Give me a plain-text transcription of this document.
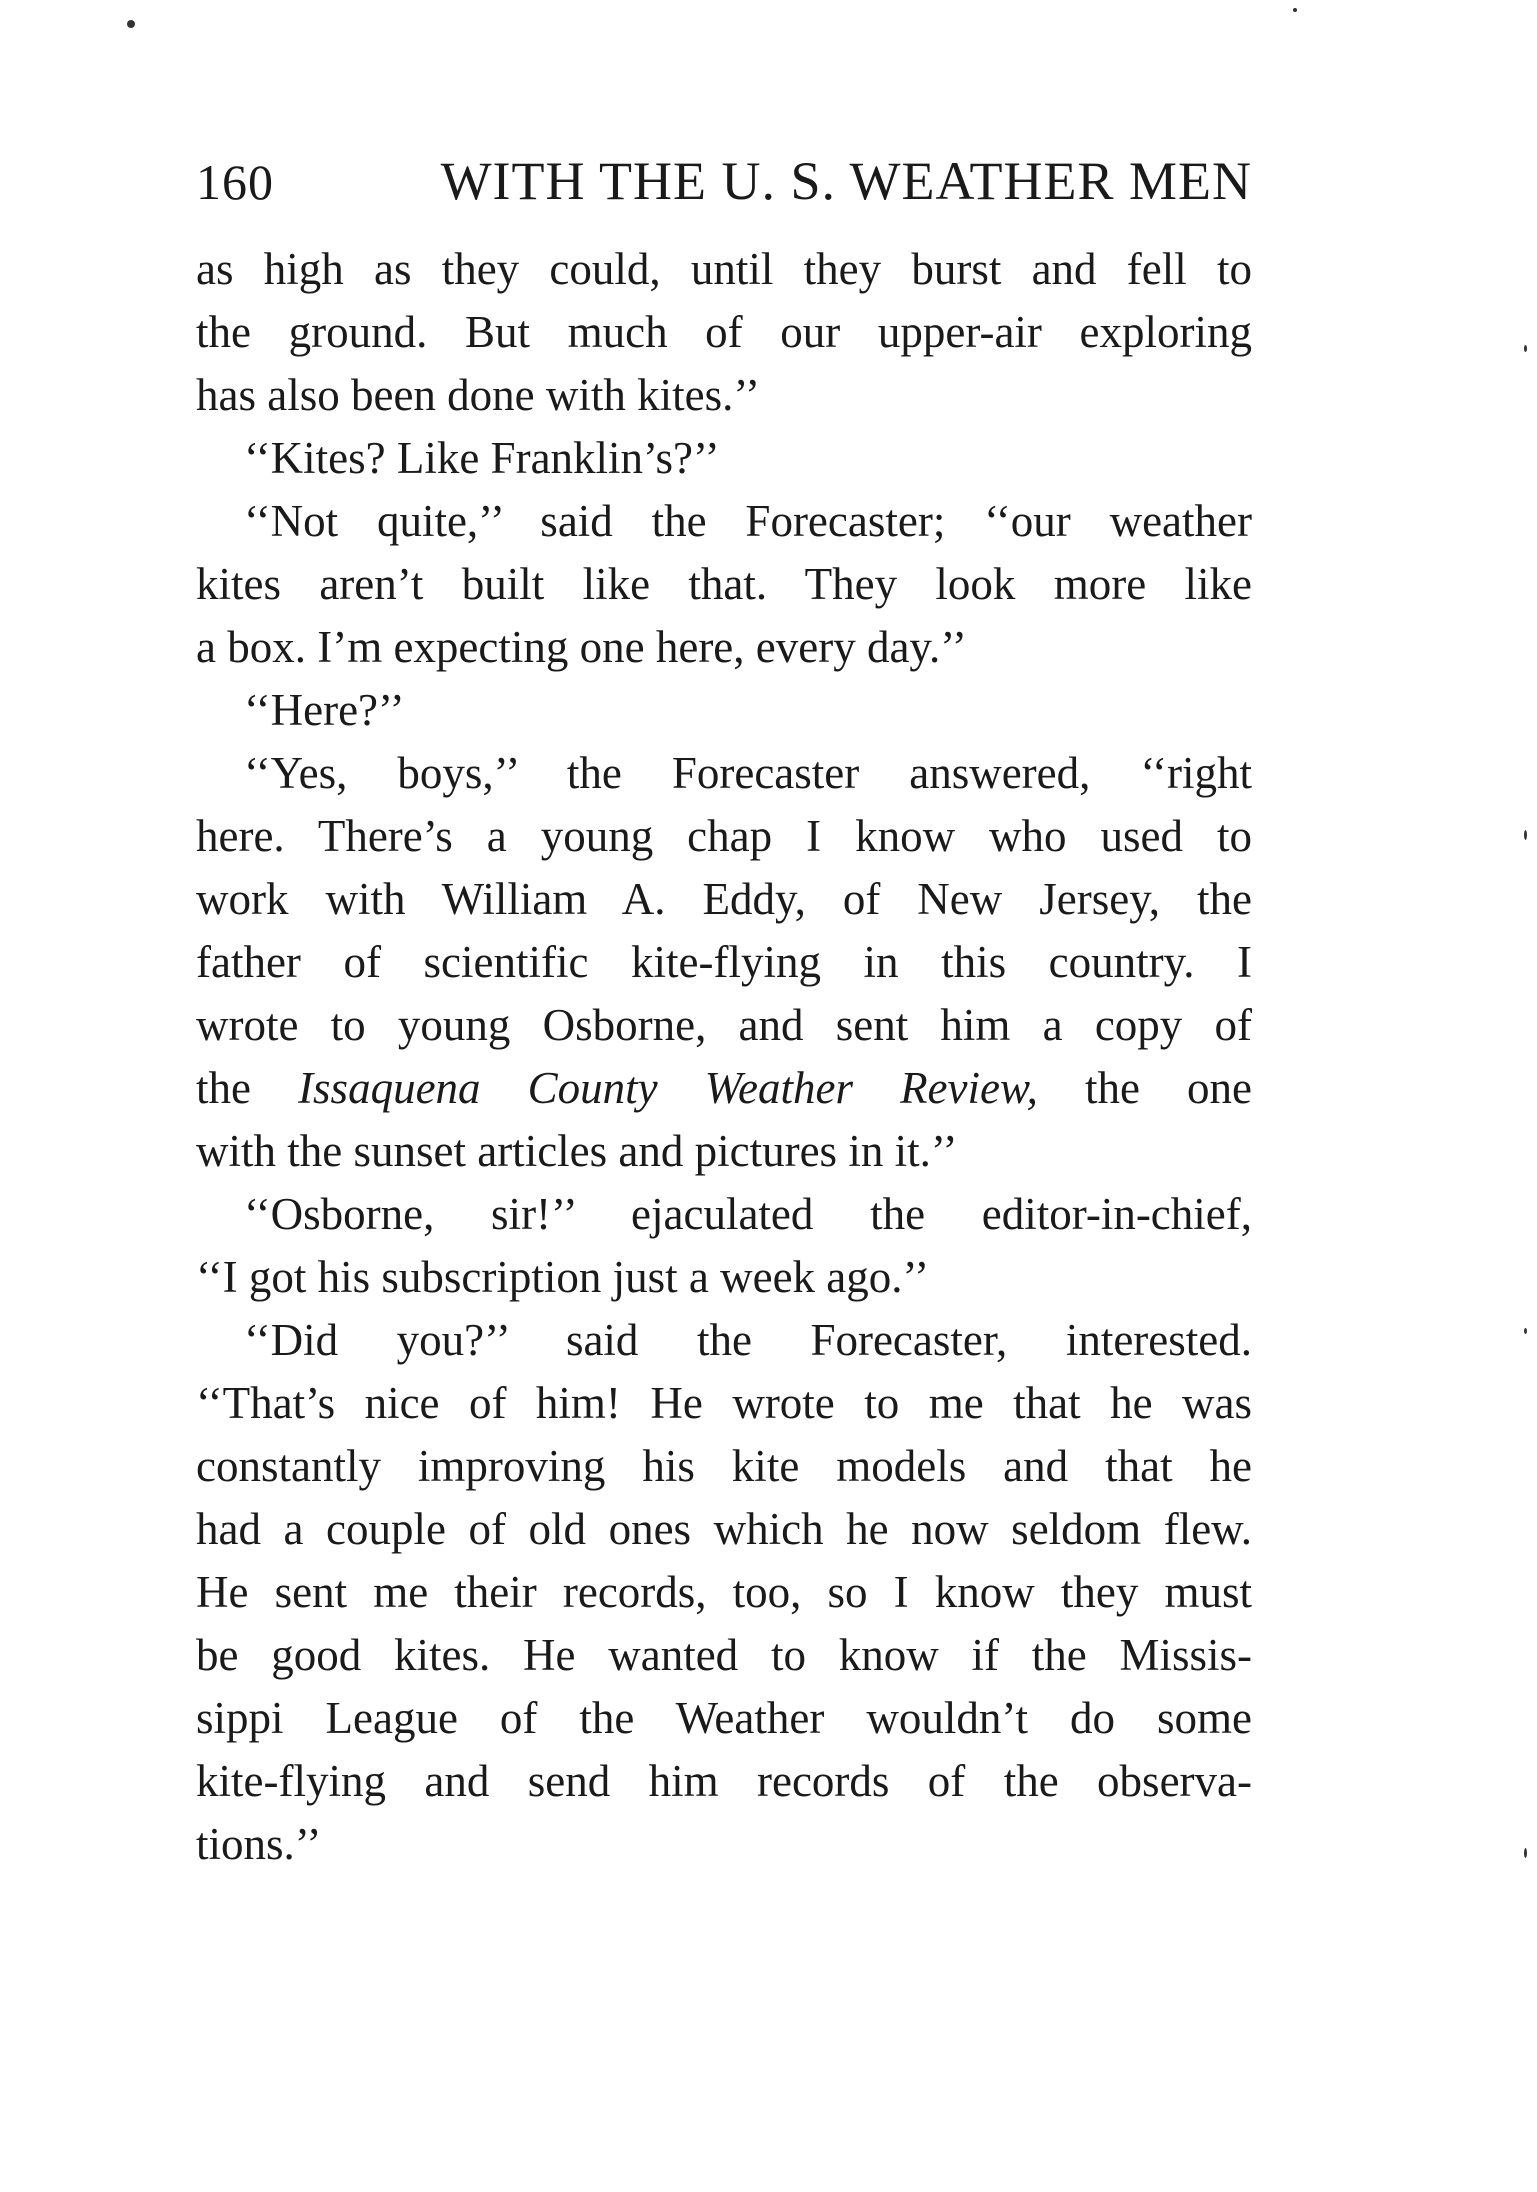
160	WITH THE U. S. WEATHER MEN
as high as they could, until they burst and fell to
the ground. But much of our upper-air exploring
has also been done with kites.’’
‘‘Kites? Like Franklin’s?’’
‘‘Not quite,’’ said the Forecaster; ‘‘our weather
kites aren’t built like that. They look more like
a box. I’m expecting one here, every day.’’
‘‘Here?’’
‘‘Yes, boys,’’ the Forecaster answered, ‘‘right
here. There’s a young chap I know who used to
work with William A. Eddy, of New Jersey, the
father of scientific kite-flying in this country. I
wrote to young Osborne, and sent him a copy of
the Issaquena County Weather Review, the one
with the sunset articles and pictures in it.’’
‘‘Osborne, sir!’’ ejaculated the editor-in-chief,
‘‘I got his subscription just a week ago.’’
‘‘Did you?’’ said the Forecaster, interested.
‘‘That’s nice of him! He wrote to me that he was
constantly improving his kite models and that he
had a couple of old ones which he now seldom flew.
He sent me their records, too, so I know they must
be good kites. He wanted to know if the Missis-
sippi League of the Weather wouldn’t do some
kite-flying and send him records of the observa-
tions.’’
